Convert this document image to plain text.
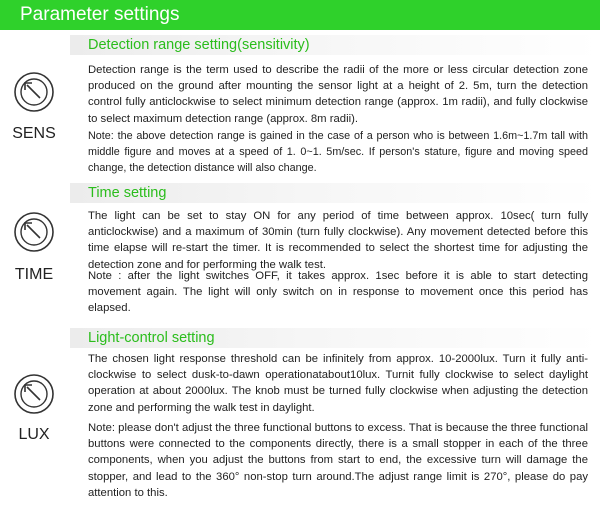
Parameter settings
Detection range setting(sensitivity)
SENS

Detection range is the term used to describe the radii of the more or less circular detection zone produced on the ground after mounting the sensor light at a height of 2. 5m, turn the detection control fully anticlockwise to select minimum detection range (approx. 1m radii), and fully clockwise to select maximum detection range (approx. 8m radii).

Note: the above detection range is gained in the case of a person who is between 1.6m~1.7m tall with middle figure and moves at a speed of 1. 0~1. 5m/sec. If person's stature, figure and moving speed change, the detection distance will also change.

Time setting
TIME

The light can be set to stay ON for any period of time between approx. 10sec( turn fully anticlockwise) and a maximum of 30min (turn fully clockwise). Any movement detected before this time elapse will re-start the timer. It is recommended to select the shortest time for adjusting the detection zone and for performing the walk test.

Note : after the light switches OFF, it takes approx. 1sec before it is able to start detecting movement again. The light will only switch on in response to movement once this period has elapsed.

Light-control setting
LUX

The chosen light response threshold can be infinitely from approx. 10-2000lux. Turn it fully anti-clockwise to select dusk-to-dawn operationatabout10lux. Turnit fully clockwise to select daylight operation at about 2000lux. The knob must be turned fully clockwise when adjusting the detection zone and performing the walk test in daylight.

Note: please don't adjust the three functional buttons to excess. That is because the three functional buttons were connected to the components directly, there is a small stopper in each of the three components, when you adjust the buttons from start to end, the excessive turn will damage the stopper, and lead to the 360° non-stop turn around.The adjust range limit is 270°, please do pay attention to this.
